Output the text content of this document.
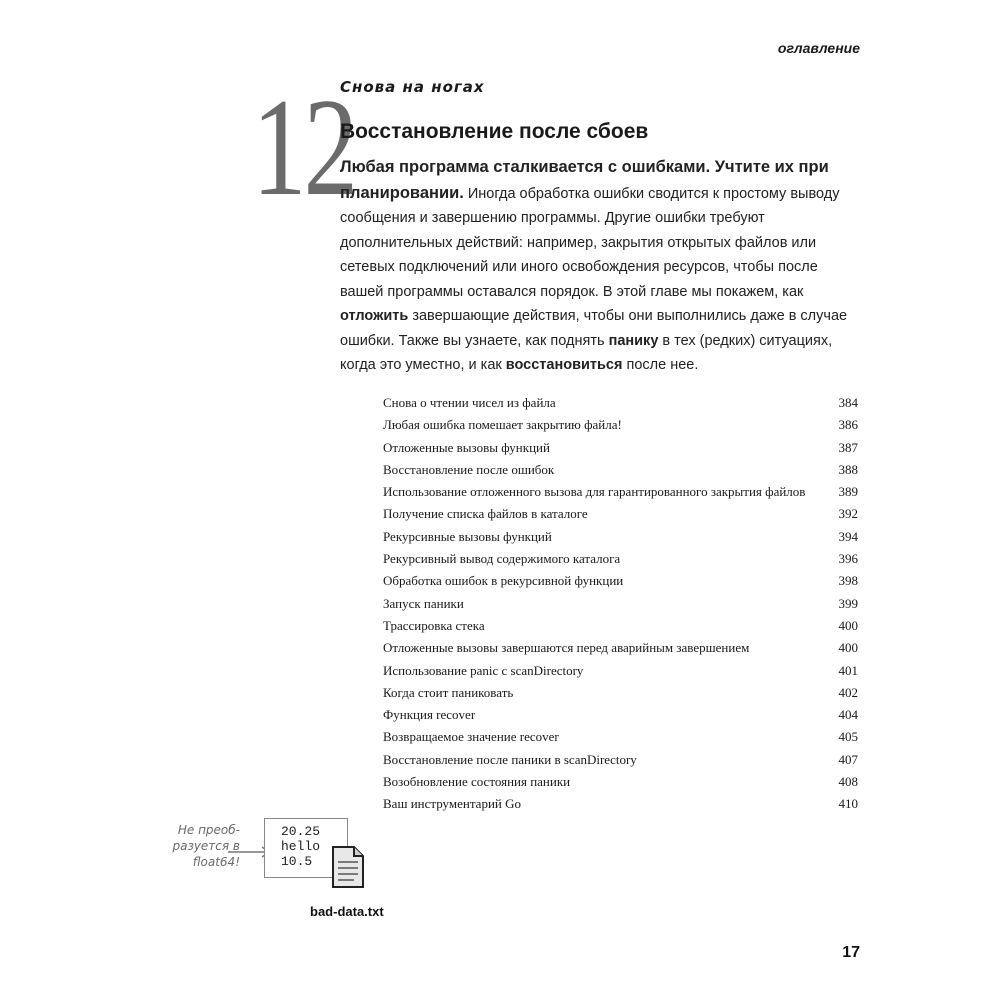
оглавление
12
Снова на ногах
Восстановление после сбоев
Любая программа сталкивается с ошибками. Учтите их при планировании. Иногда обработка ошибки сводится к простому выводу сообщения и завершению программы. Другие ошибки требуют дополнительных действий: например, закрытия открытых файлов или сетевых подключений или иного освобождения ресурсов, чтобы после вашей программы оставался порядок. В этой главе мы покажем, как отложить завершающие действия, чтобы они выполнились даже в случае ошибки. Также вы узнаете, как поднять панику в тех (редких) ситуациях, когда это уместно, и как восстановиться после нее.
Снова о чтении чисел из файла	384
Любая ошибка помешает закрытию файла!	386
Отложенные вызовы функций	387
Восстановление после ошибок	388
Использование отложенного вызова для гарантированного закрытия файлов	389
Получение списка файлов в каталоге	392
Рекурсивные вызовы функций	394
Рекурсивный вывод содержимого каталога	396
Обработка ошибок в рекурсивной функции	398
Запуск паники	399
Трассировка стека	400
Отложенные вызовы завершаются перед аварийным завершением	400
Использование panic с scanDirectory	401
Когда стоит паниковать	402
Функция recover	404
Возвращаемое значение recover	405
Восстановление после паники в scanDirectory	407
Возобновление состояния паники	408
Ваш инструментарий Go	410
Не преоб-разуется в float64!
20.25
hello
10.5
bad-data.txt
17
